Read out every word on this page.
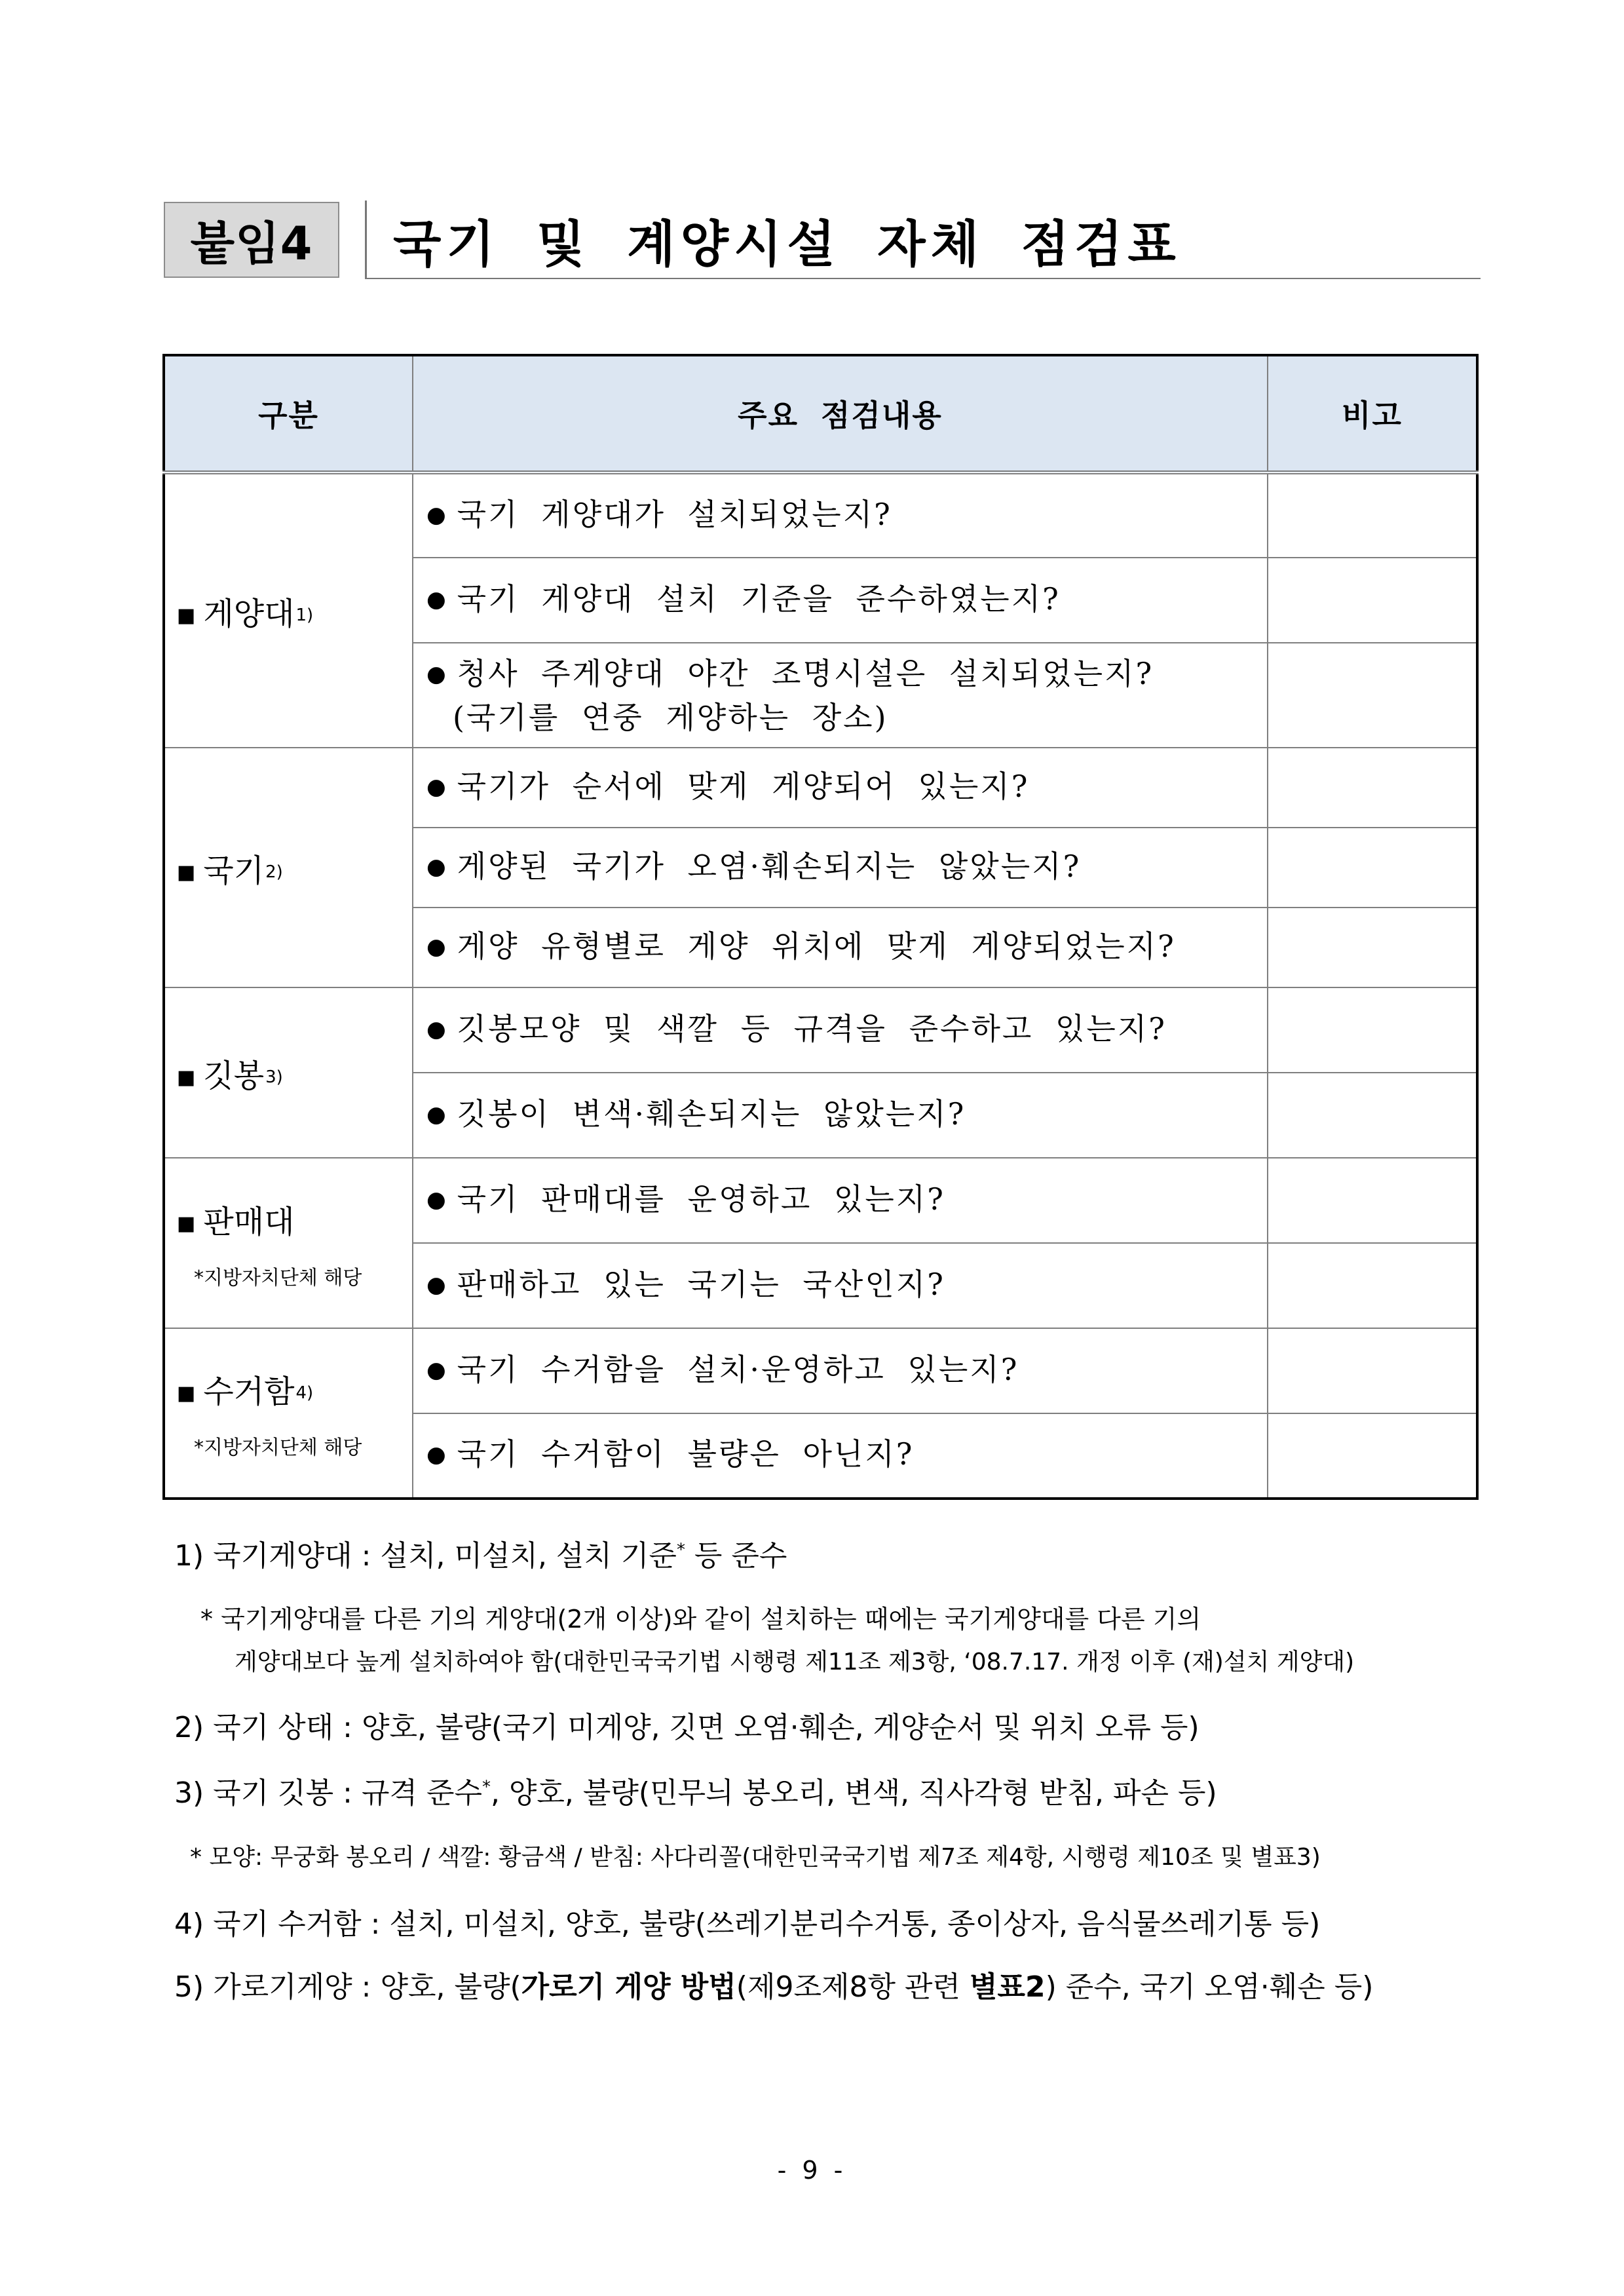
붙임4	국기 및 계양시설 자체 점검표
구분	주요 점검내용	비고

■ 게양대$^{1)}$	● 국기 게양대가 설치되었는지?	

	● 국기 게양대 설치 기준을 준수하였는지?	

	● 청사 주게양대 야간 조명시설은 설치되었는지?
(국기를 연중 게양하는 장소)	

■ 국기$^{2)}$	● 국기가 순서에 맞게 게양되어 있는지?	

	● 게양된 국기가 오염·훼손되지는 않았는지?	

	● 게양 유형별로 게양 위치에 맞게 게양되었는지?	

■ 깃봉$^{3)}$	● 깃봉모양 및 색깔 등 규격을 준수하고 있는지?	

	● 깃봉이 변색·훼손되지는 않았는지?	

■ 판매대
*지방자치단체 해당	● 국기 판매대를 운영하고 있는지?	

	● 판매하고 있는 국기는 국산인지?	

■ 수거함$^{4)}$
*지방자치단체 해당	● 국기 수거함을 설치·운영하고 있는지?	

	● 국기 수거함이 불량은 아닌지?	

1) 국기게양대 : 설치, 미설치, 설치 기준* 등 준수
* 국기게양대를 다른 기의 게양대(2개 이상)와 같이 설치하는 때에는 국기게양대를 다른 기의
게양대보다 높게 설치하여야 함(대한민국국기법 시행령 제11조 제3항, ‘08.7.17. 개정 이후 (재)설치 게양대)
2) 국기 상태 : 양호, 불량(국기 미게양, 깃면 오염·훼손, 게양순서 및 위치 오류 등)
3) 국기 깃봉 : 규격 준수*, 양호, 불량(민무늬 봉오리, 변색, 직사각형 받침, 파손 등)
* 모양: 무궁화 봉오리 / 색깔: 황금색 / 받침: 사다리꼴(대한민국국기법 제7조 제4항, 시행령 제10조 및 별표3)
4) 국기 수거함 : 설치, 미설치, 양호, 불량(쓰레기분리수거통, 종이상자, 음식물쓰레기통 등)
5) 가로기게양 : 양호, 불량(가로기 게양 방법(제9조제8항 관련 별표2) 준수, 국기 오염·훼손 등)
- 9 -
